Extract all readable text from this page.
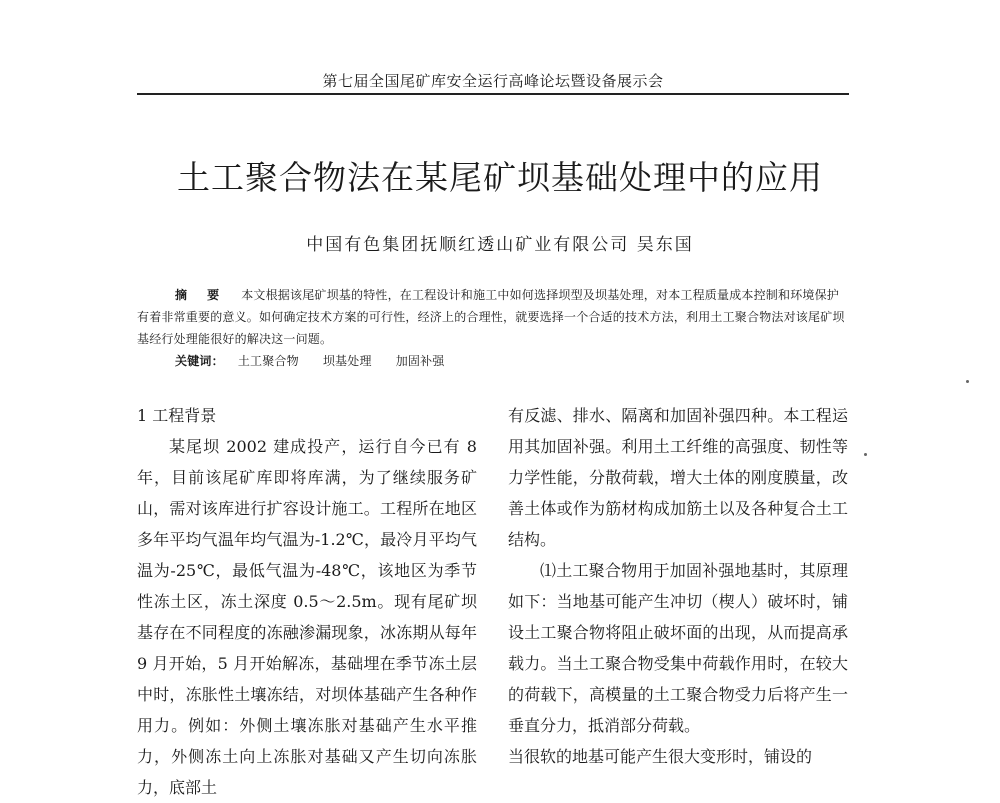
第七届全国尾矿库安全运行高峰论坛暨设备展示会
土工聚合物法在某尾矿坝基础处理中的应用
中国有色集团抚顺红透山矿业有限公司 吴东国

摘 要 本文根据该尾矿坝基的特性，在工程设计和施工中如何选择坝型及坝基处理，对本工程质量成本控制和环境保护有着非常重要的意义。如何确定技术方案的可行性，经济上的合理性，就要选择一个合适的技术方法，利用土工聚合物法对该尾矿坝基经行处理能很好的解决这一问题。

关键词： 土工聚合物 坝基处理 加固补强
1 工程背景

某尾坝 2002 建成投产，运行自今已有 8 年，目前该尾矿库即将库满，为了继续服务矿山，需对该库进行扩容设计施工。工程所在地区多年平均气温年均气温为-1.2℃，最冷月平均气温为-25℃，最低气温为-48℃，该地区为季节性冻土区，冻土深度 0.5～2.5m。现有尾矿坝基存在不同程度的冻融渗漏现象，冰冻期从每年 9 月开始，5 月开始解冻，基础埋在季节冻土层中时，冻胀性土壤冻结，对坝体基础产生各种作用力。例如：外侧土壤冻胀对基础产生水平推力，外侧冻土向上冻胀对基础又产生切向冻胀力，底部土

有反滤、排水、隔离和加固补强四种。本工程运用其加固补强。利用土工纤维的高强度、韧性等力学性能，分散荷载，增大土体的刚度膜量，改善土体或作为筋材构成加筋土以及各种复合土工结构。

⑴土工聚合物用于加固补强地基时，其原理如下：当地基可能产生冲切（楔人）破坏时，铺设土工聚合物将阻止破坏面的出现，从而提高承载力。当土工聚合物受集中荷载作用时，在较大的荷载下，高模量的土工聚合物受力后将产生一垂直分力，抵消部分荷载。

当很软的地基可能产生很大变形时，铺设的
